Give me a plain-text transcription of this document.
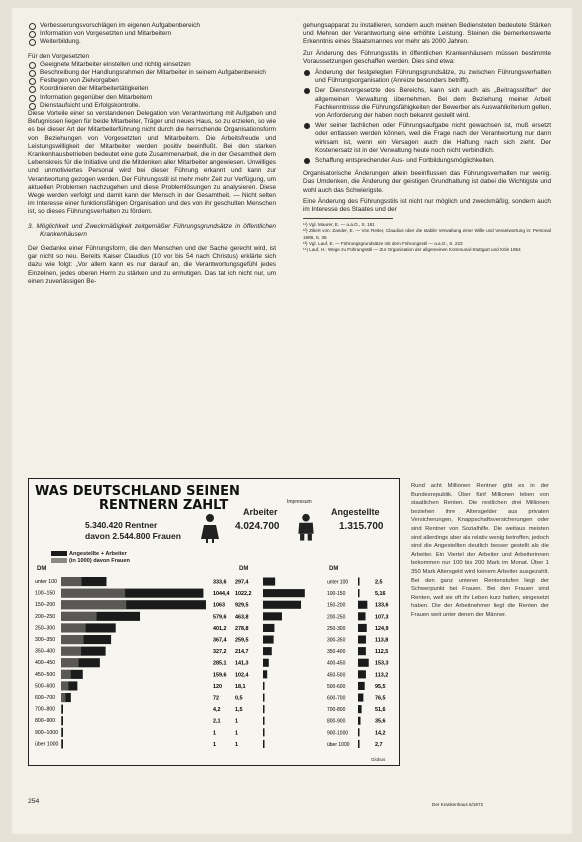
Verbesserungsvorschlägen im eigenen Aufgabenbereich
Information von Vorgesetzten und Mitarbeitern
Weiterbildung.
Für den Vorgesetzten
Geeignete Mitarbeiter einstellen und richtig einsetzen
Beschreibung der Handlungsrahmen der Mitarbeiter in seinem Aufgabenbereich
Festlegen von Zielvorgaben
Koordinieren der Mitarbeitertätigkeiten
Information gegenüber den Mitarbeitern
Dienstaufsicht und Erfolgskontrolle.
Diese Vorteile einer so verstandenen Delegation von Verantwortung mit Aufgaben und Befugnissen liegen für beide Mitarbeiter, Träger und neues Haus, so zu erzielen, so wie es bei dieser Art der Mitarbeiterführung nicht durch die herrschende Organisationsform von Beziehungen von Vorgesetzten und Mitarbeitern. Die Arbeitsfreude und Leistungswilligkeit der Mitarbeiter werden positiv beeinflußt. Bei den starken Krankenhausbetrieben bedeutet eine gute Zusammenarbeit, die in der Gesamtheit dem Lebenskreis für die Initiative und die Mitdenken aller Mitarbeiter angewiesen. Unwilliges und unmotiviertes Personal wird bei dieser Führung erkannt und kann zur Verantwortung gezogen werden. Der Führungsstil ist mehr mehr Zeit zur Verfügung, um aktuellen Problemen nachzugehen und diese Problemlösungen zu analysieren. Diese Wege werden verfolgt und damit kann der Mensch in der Gesamtheit. — Nicht selten im Interesse einer funktionsfähigen Organisation und des von ihr geschulten Menschen ist, so dieses Führungsverhalten zu fördern.
3. Möglichkeit und Zweckmäßigkeit zeitgemäßer Führungsgrundsätze in öffentlichen Krankenhäusern
Der Gedanke einer Führungsform, die den Menschen und der Sache gerecht wird, ist gar nicht so neu. Bereits Kaiser Claudius (10 vor bis 54 nach Christus) erklärte sich dazu wie folgt: „Vor allem kann es nur darauf an, die Verantwortungsgefühl jedes Einzelnen, jedes oberen Herrn zu stärken und zu ermutigen. Das tat ich nicht nur, um einen zuverlässigen Be-
gehungsapparat zu installieren, sondern auch meinen Bediensteten bedeutete Stärken und Mehren der Verantwortung eine erhöhte Leistung. Steinen die bemerkenswerte Erkenntnis eines Staatsmannes vor mehr als 2000 Jahren.
Zur Änderung des Führungsstils in öffentlichen Krankenhäusern müssen bestimmte Voraussetzungen geschaffen werden. Dies sind etwa:
Änderung der festgelegten Führungsgrundsätze, zu zwischen Führungsverhalten und Führungsorganisation (Anreize besonders betrifft).
Der Dienstvorgesetzte des Bereichs, kann sich auch als „Beitragsstifter“ der allgemeinen Verwaltung übernehmen. Bei dem Beziehung meiner Arbeit Fachkenntnisse die Führungsfähigkeiten der Bewerber als Auswahlkriterium gelten, von Anforderung der haben noch bekannt gestellt wird.
Wer seiner fachlichen oder Führungsaufgabe nicht gewachsen ist, muß ersetzt oder entlassen werden können, weil die Frage nach der Verantwortung nur dann wirksam ist, wenn ein Versagen auch die Haftung nach sich zieht. Der Kostenersatz ist in der Verwaltung heute noch nicht verbindlich.
Schaffung entsprechender Aus- und Fortbildungsmöglichkeiten.
Organisatorische Änderungen allein beeinflussen das Führungsverhalten nur wenig. Das Umdenken, die Änderung der geistigen Grundhaltung ist dabei die Wichtigste und wohl auch das Schwierigste.
Eine Änderung des Führungsstils ist nicht nur möglich und zweckmäßig, sondern auch im Interesse des Staates und der
¹¹) Vgl. Maurer, E. — a.a.O., S. 181
¹²) Zitiert von: Zander, E. — Von Reiter, Claudius über die stabile Verwaltung einer Wille und Verantwortung in: Personal 1989, S. 35
¹³) Vgl. Lauf, E. — Führungsgrundsätze mit dem Führungsstil — a.a.O., S. 223
¹⁴) Lauf, H.: Wege zu Führungsstil — Zur Organisation der allgemeinen Kommunal-Stuttgart und Köln 1954
WAS DEUTSCHLAND SEINEN
RENTNERN ZAHLT
5.340.420 Rentner
davon 2.544.800 Frauen
Angestellte + Arbeiter
(in 1000) davon Frauen
DM
Impressum
Arbeiter
4.024.700
Angestellte
1.315.700
DM	DM
unter 100	333,6 297,4	unter 100	2,5
100–150	1044,4 1022,2	100-150	5,16
150–200	1063 929,5	150-200	133,6
200–250	579,6 463,8	200-250	107,3
250–300	401,2 278,8	250-300	124,9
300–350	367,4 259,5	300-350	113,8
350–400	327,2 214,7	350-400	112,5
400–450	285,1 141,3	400-450	153,3
450–500	159,6 102,4	450-500	113,2
500–600	120 18,1	500-600	95,5
600–700	72	0,5	600-700	76,5
700–800	4,2	1,5	700-800	51,6
800–900	2,1	1	800-900	35,6
900–1000	1	1	900-1000	14,2
über 1000	1	1	über 1000	2,7
Globus
Rund acht Millionen Rentner gibt es in der Bundesrepublik. Über fünf Millionen leben von staatlichen Renten. Die restlichen drei Millionen beziehen ihre Altersgelder aus privaten Versicherungen, Knappschaftsversicherungen oder sind Rentner von Sozialhilfe. Die weitaus meisten sind allerdings aber als relativ wenig betroffen, jedoch sind die Angestellten deutlich besser gestellt als die Arbeiter. Ein Viertel der Arbeiter und Arbeiterinnen bekommen nur 100 bis 200 Mark im Monat. Über 1 350 Mark Altersgeld wird keinem Arbeiter ausgezahlt. Bei den ganz unteren Rentenstufen liegt der Schwerpunkt bei Frauen. Bei den Frauen sind Renten, weil sie oft ihr Leben kurz hatten, eingesetzt haben. Die der Arbeitnehmer liegt die Renten der Frauen weit unter denen der Männer.
254	Der Krankenhaus 6/1972
